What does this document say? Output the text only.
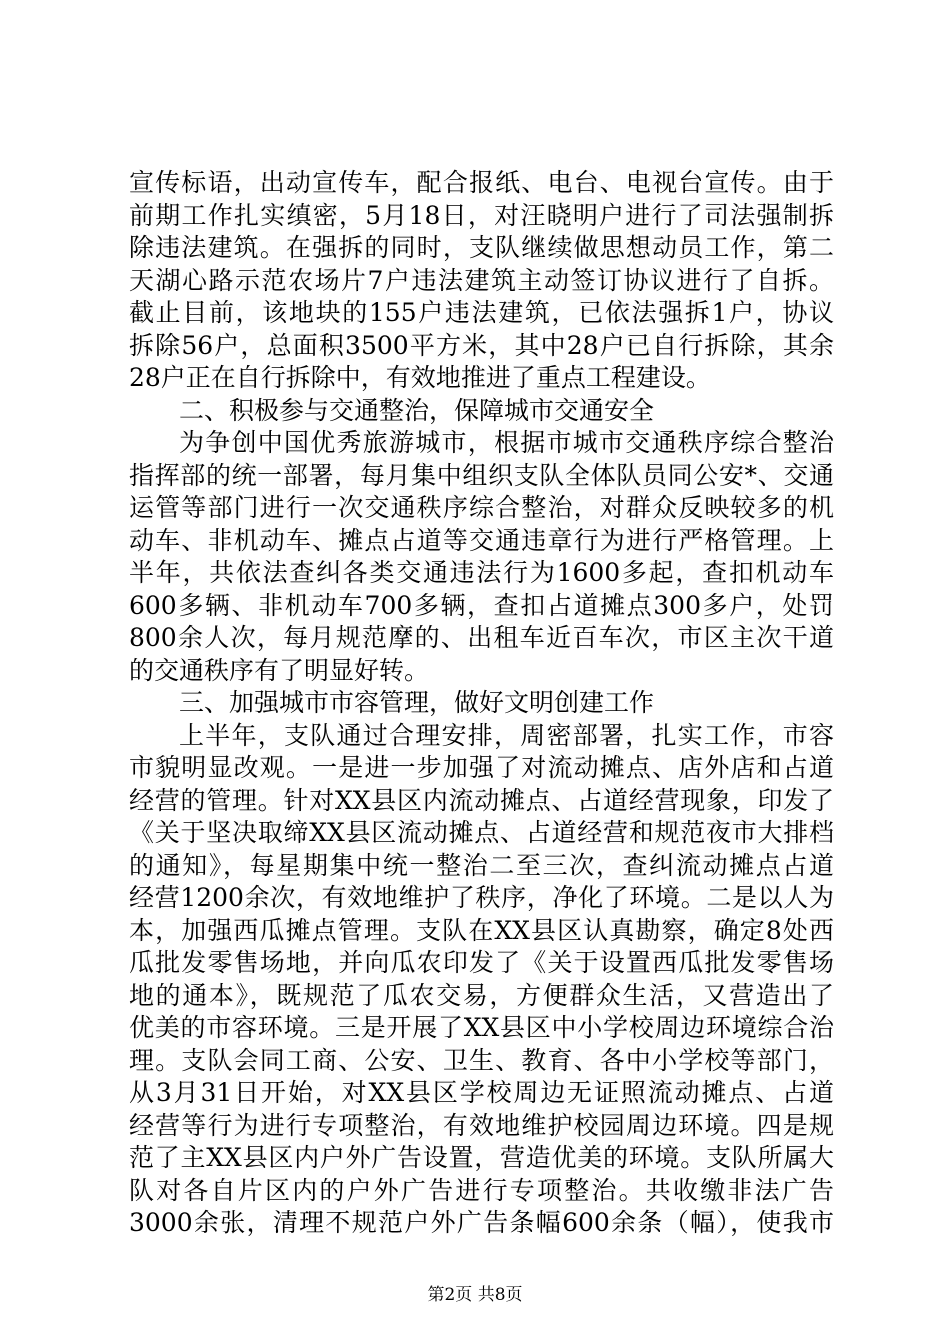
宣传标语，出动宣传车，配合报纸、电台、电视台宣传。由于
前期工作扎实缜密，5月18日，对汪晓明户进行了司法强制拆
除违法建筑。在强拆的同时，支队继续做思想动员工作，第二
天湖心路示范农场片7户违法建筑主动签订协议进行了自拆。
截止目前，该地块的155户违法建筑，已依法强拆1户，协议
拆除56户，总面积3500平方米，其中28户已自行拆除，其余
28户正在自行拆除中，有效地推进了重点工程建设。
二、积极参与交通整治，保障城市交通安全
为争创中国优秀旅游城市，根据市城市交通秩序综合整治
指挥部的统一部署，每月集中组织支队全体队员同公安*、交通
运管等部门进行一次交通秩序综合整治，对群众反映较多的机
动车、非机动车、摊点占道等交通违章行为进行严格管理。上
半年，共依法查纠各类交通违法行为1600多起，查扣机动车
600多辆、非机动车700多辆，查扣占道摊点300多户，处罚
800余人次，每月规范摩的、出租车近百车次，市区主次干道
的交通秩序有了明显好转。
三、加强城市市容管理，做好文明创建工作
上半年，支队通过合理安排，周密部署，扎实工作，市容
市貌明显改观。一是进一步加强了对流动摊点、店外店和占道
经营的管理。针对XX县区内流动摊点、占道经营现象，印发了
《关于坚决取缔XX县区流动摊点、占道经营和规范夜市大排档
的通知》，每星期集中统一整治二至三次，查纠流动摊点占道
经营1200余次，有效地维护了秩序，净化了环境。二是以人为
本，加强西瓜摊点管理。支队在XX县区认真勘察，确定8处西
瓜批发零售场地，并向瓜农印发了《关于设置西瓜批发零售场
地的通本》，既规范了瓜农交易，方便群众生活，又营造出了
优美的市容环境。三是开展了XX县区中小学校周边环境综合治
理。支队会同工商、公安、卫生、教育、各中小学校等部门，
从3月31日开始，对XX县区学校周边无证照流动摊点、占道
经营等行为进行专项整治，有效地维护校园周边环境。四是规
范了主XX县区内户外广告设置，营造优美的环境。支队所属大
队对各自片区内的户外广告进行专项整治。共收缴非法广告
3000余张，清理不规范户外广告条幅600余条（幅），使我市
第2页 共8页
